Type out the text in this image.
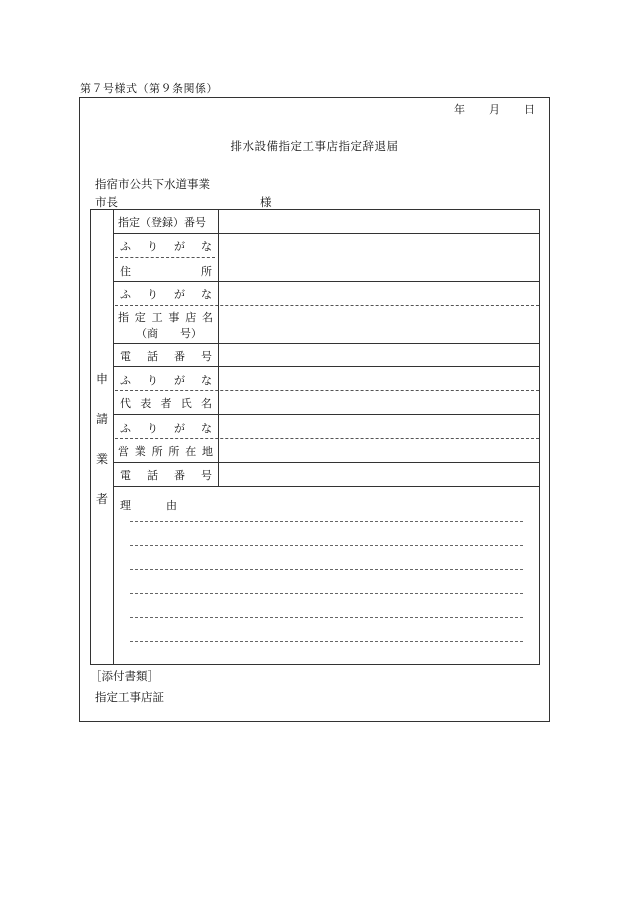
第７号様式（第９条関係）
年 月 日
排水設備指定工事店指定辞退届
指宿市公共下水道事業
市長	様
申
請
業
者
指定（登録）番号
ふ り が な
住	所
ふ り が な
指 定 工 事 店 名
（商　　号）
電 話 番 号
ふ り が な
代 表 者 氏 名
ふ り が な
営 業 所 所 在 地
電 話 番 号
理	由
［添付書類］
指定工事店証
